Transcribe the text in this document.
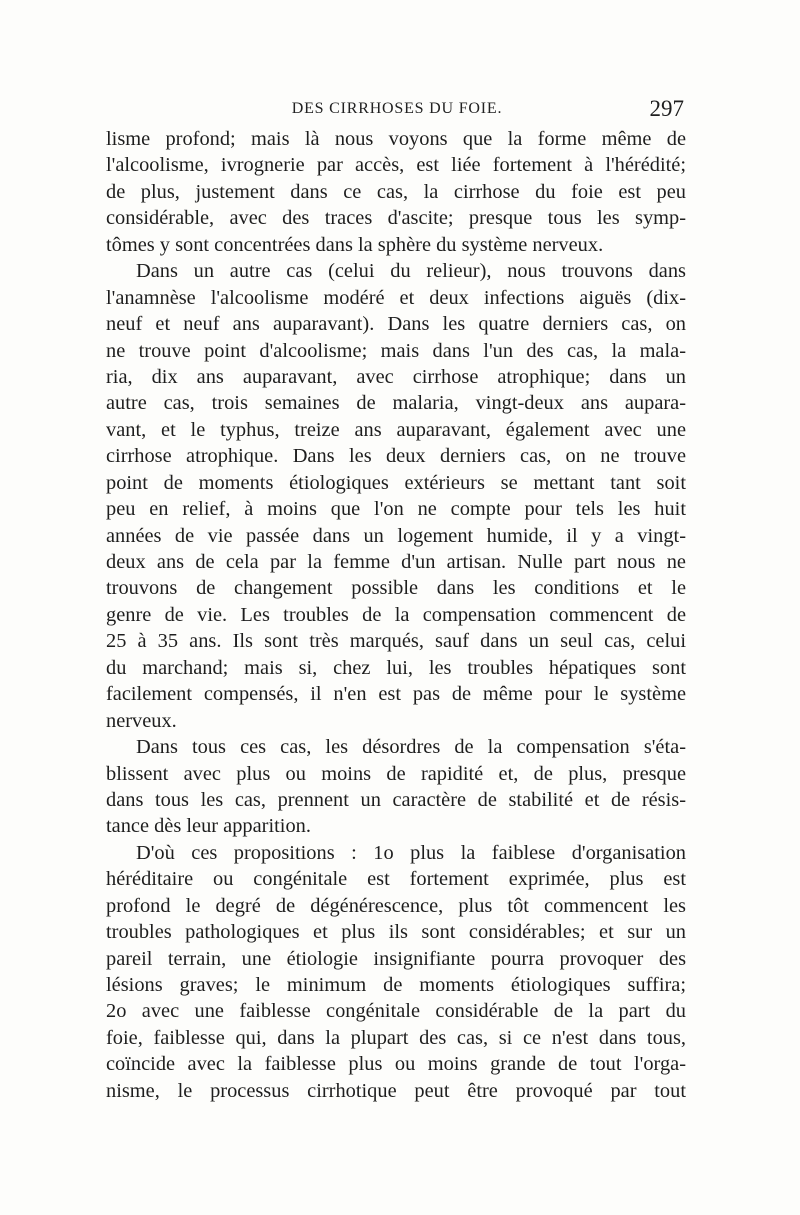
DES CIRRHOSES DU FOIE.	297
lisme profond; mais là nous voyons que la forme même de
l'alcoolisme, ivrognerie par accès, est liée fortement à l'hérédité;
de plus, justement dans ce cas, la cirrhose du foie est peu
considérable, avec des traces d'ascite; presque tous les symp-
tômes y sont concentrées dans la sphère du système nerveux.
Dans un autre cas (celui du relieur), nous trouvons dans
l'anamnèse l'alcoolisme modéré et deux infections aiguës (dix-
neuf et neuf ans auparavant). Dans les quatre derniers cas, on
ne trouve point d'alcoolisme; mais dans l'un des cas, la mala-
ria, dix ans auparavant, avec cirrhose atrophique; dans un
autre cas, trois semaines de malaria, vingt-deux ans aupara-
vant, et le typhus, treize ans auparavant, également avec une
cirrhose atrophique. Dans les deux derniers cas, on ne trouve
point de moments étiologiques extérieurs se mettant tant soit
peu en relief, à moins que l'on ne compte pour tels les huit
années de vie passée dans un logement humide, il y a vingt-
deux ans de cela par la femme d'un artisan. Nulle part nous ne
trouvons de changement possible dans les conditions et le
genre de vie. Les troubles de la compensation commencent de
25 à 35 ans. Ils sont très marqués, sauf dans un seul cas, celui
du marchand; mais si, chez lui, les troubles hépatiques sont
facilement compensés, il n'en est pas de même pour le système
nerveux.
Dans tous ces cas, les désordres de la compensation s'éta-
blissent avec plus ou moins de rapidité et, de plus, presque
dans tous les cas, prennent un caractère de stabilité et de résis-
tance dès leur apparition.
D'où ces propositions : 1o plus la faiblese d'organisation
héréditaire ou congénitale est fortement exprimée, plus est
profond le degré de dégénérescence, plus tôt commencent les
troubles pathologiques et plus ils sont considérables; et sur un
pareil terrain, une étiologie insignifiante pourra provoquer des
lésions graves; le minimum de moments étiologiques suffira;
2o avec une faiblesse congénitale considérable de la part du
foie, faiblesse qui, dans la plupart des cas, si ce n'est dans tous,
coïncide avec la faiblesse plus ou moins grande de tout l'orga-
nisme, le processus cirrhotique peut être provoqué par tout
